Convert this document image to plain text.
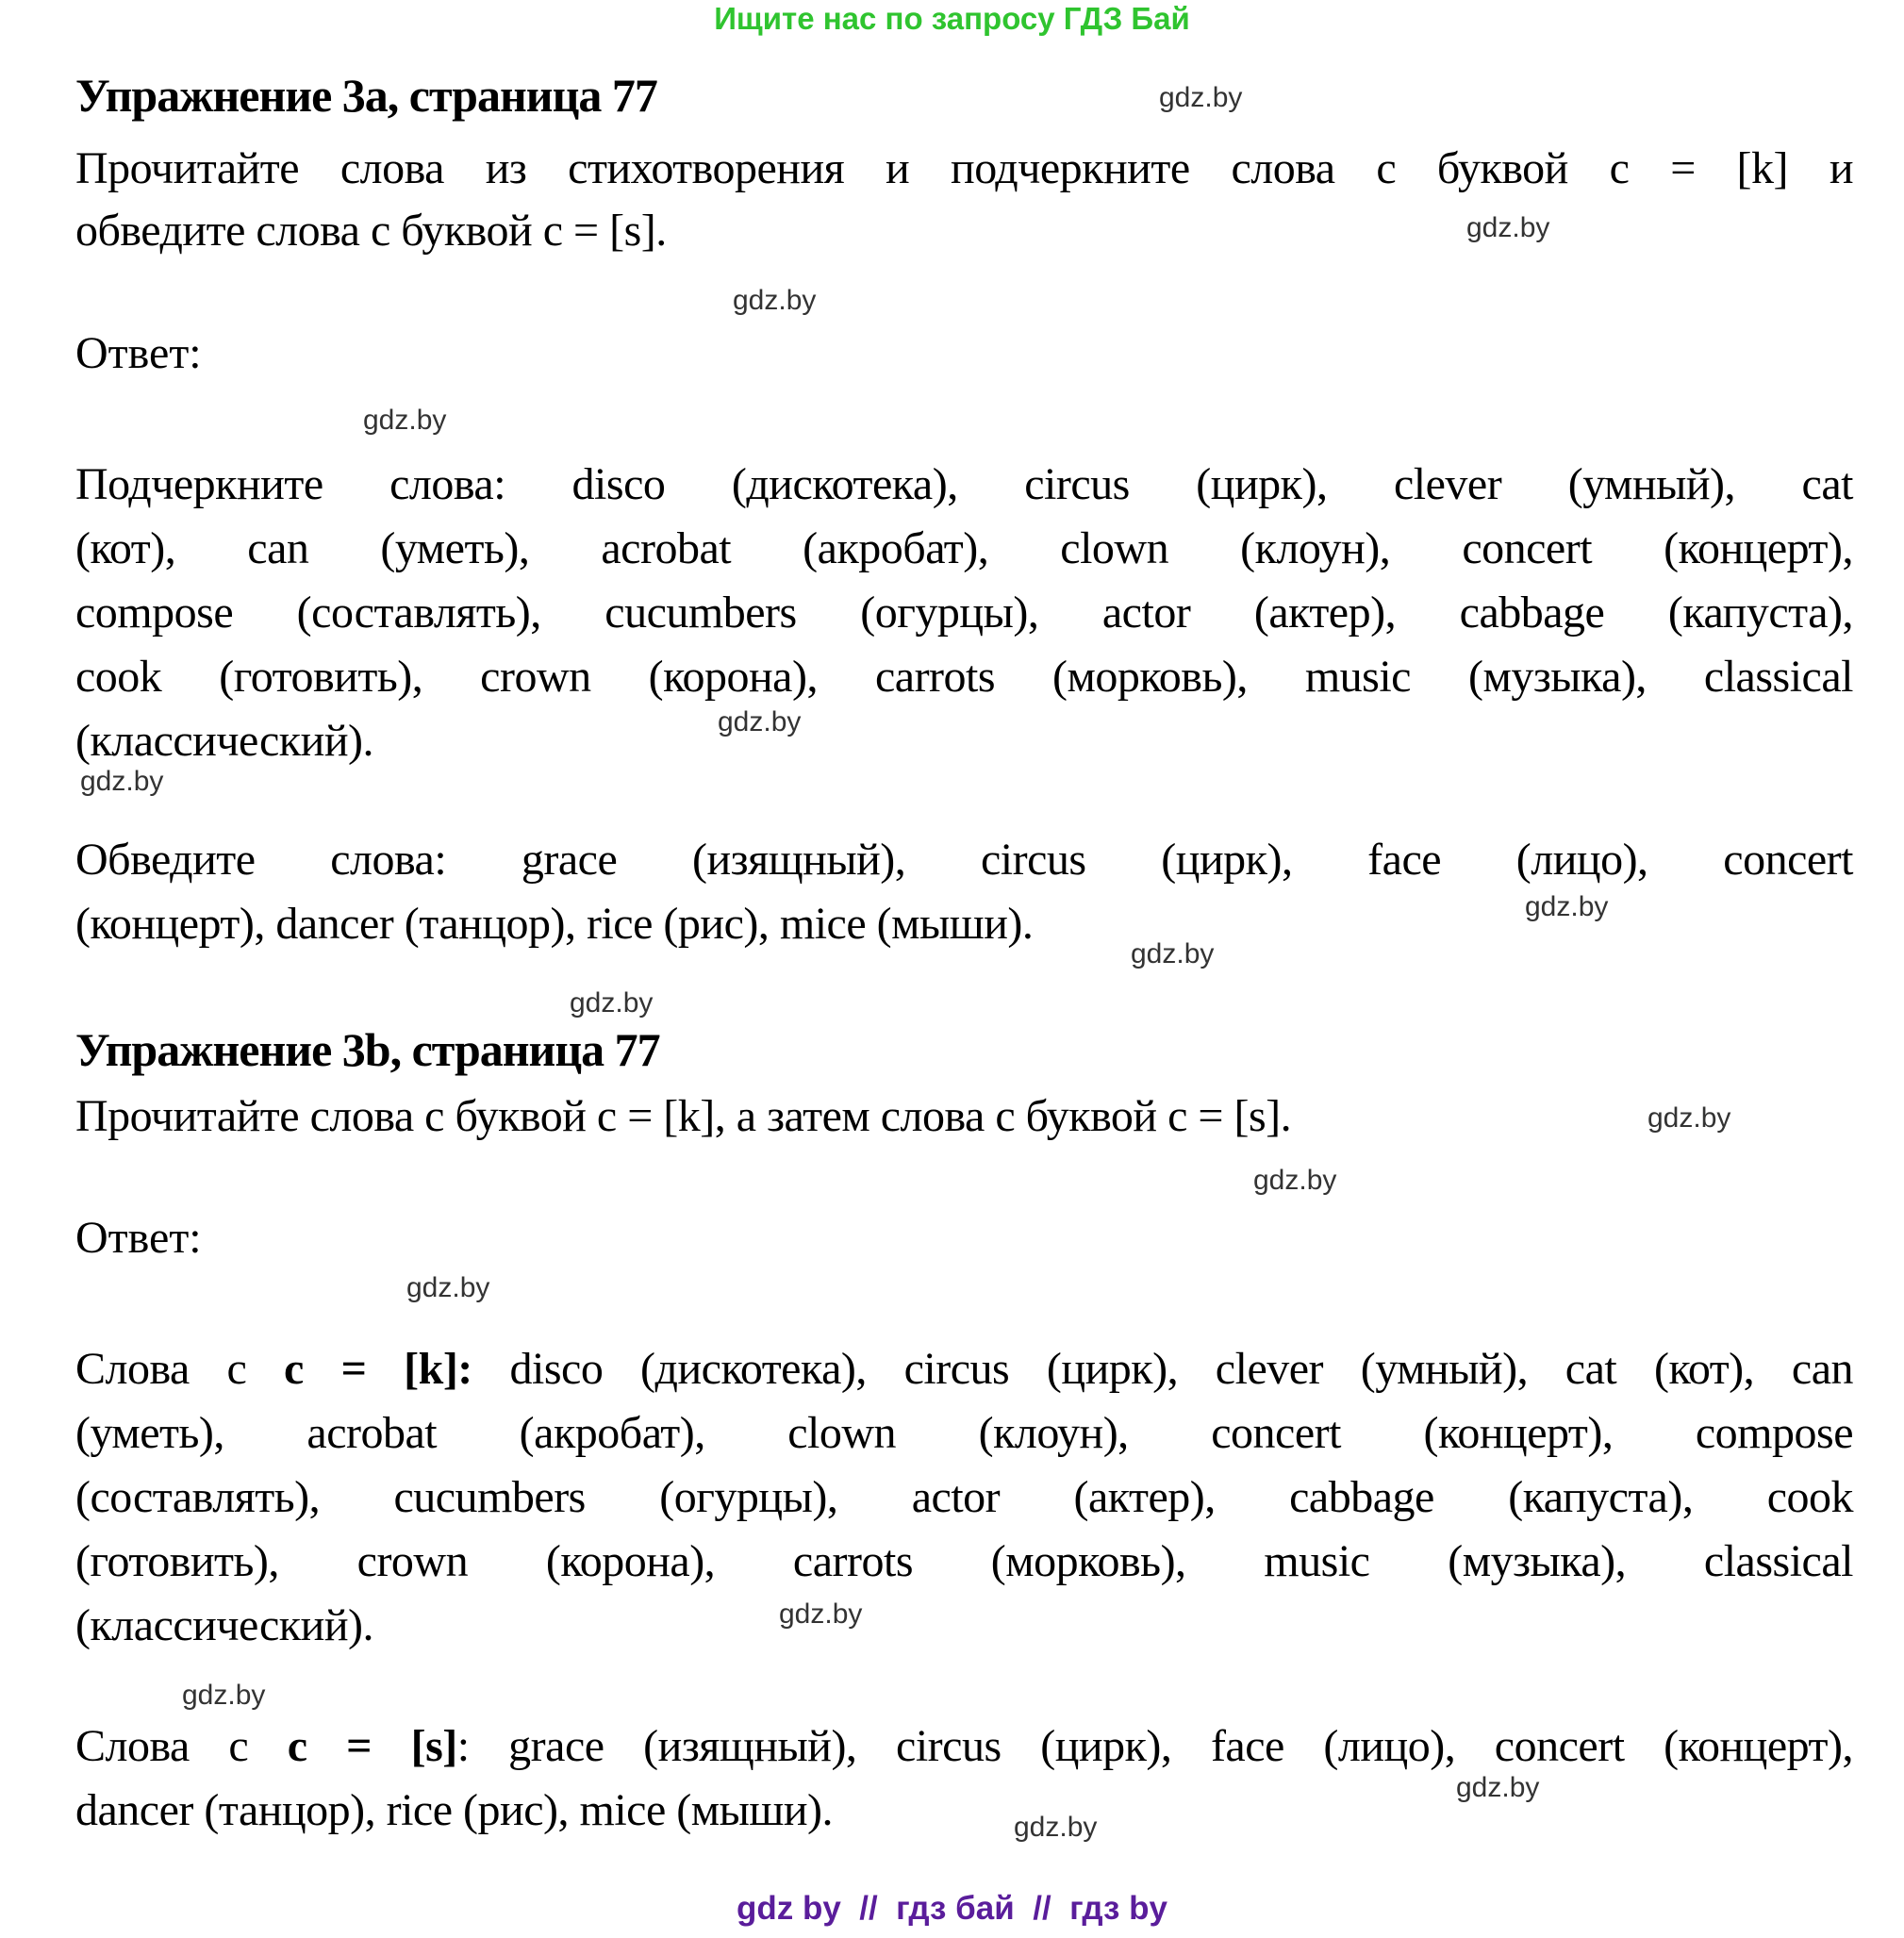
Ищите нас по запросу ГДЗ Бай
Упражнение 3а, страница 77
Прочитайте слова из стихотворения и подчеркните слова с буквой c = [k] и
обведите слова с буквой c = [s].
Ответ:
Подчеркните слова: disco (дискотека), circus (цирк), clever (умный), cat
(кот), can (уметь), acrobat (акробат), clown (клоун), concert (концерт),
compose (составлять), cucumbers (огурцы), actor (актер), cabbage (капуста),
cook (готовить), crown (корона), carrots (морковь), music (музыка), classical
(классический).
Обведите слова: grace (изящный), circus (цирк), face (лицо), concert
(концерт), dancer (танцор), rice (рис), mice (мыши).
Упражнение 3b, страница 77
Прочитайте слова с буквой c = [k], а затем слова с буквой c = [s].
Ответ:
Слова с c = [k]: disco (дискотека), circus (цирк), clever (умный), cat (кот), can
(уметь), acrobat (акробат), clown (клоун), concert (концерт), compose
(составлять), cucumbers (огурцы), actor (актер), cabbage (капуста), cook
(готовить), crown (корона), carrots (морковь), music (музыка), classical
(классический).
Слова с c = [s]: grace (изящный), circus (цирк), face (лицо), concert (концерт),
dancer (танцор), rice (рис), mice (мыши).
gdz by  //  гдз бай  //  гдз by
gdz.by
gdz.by
gdz.by
gdz.by
gdz.by
gdz.by
gdz.by
gdz.by
gdz.by
gdz.by
gdz.by
gdz.by
gdz.by
gdz.by
gdz.by
gdz.by
